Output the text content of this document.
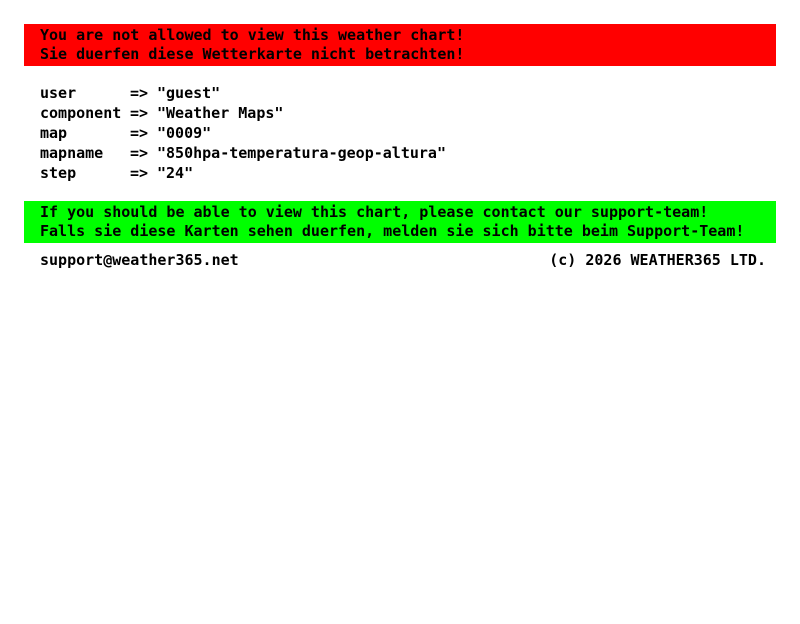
You are not allowed to view this weather chart!
Sie duerfen diese Wetterkarte nicht betrachten!
user	=> "guest"
component => "Weather Maps"
map	=> "0009"
mapname => "850hpa-temperatura-geop-altura"
step	=> "24"
If you should be able to view this chart, please contact our support-team!
Falls sie diese Karten sehen duerfen, melden sie sich bitte beim Support-Team!
support@weather365.net	(c) 2026 WEATHER365 LTD.
